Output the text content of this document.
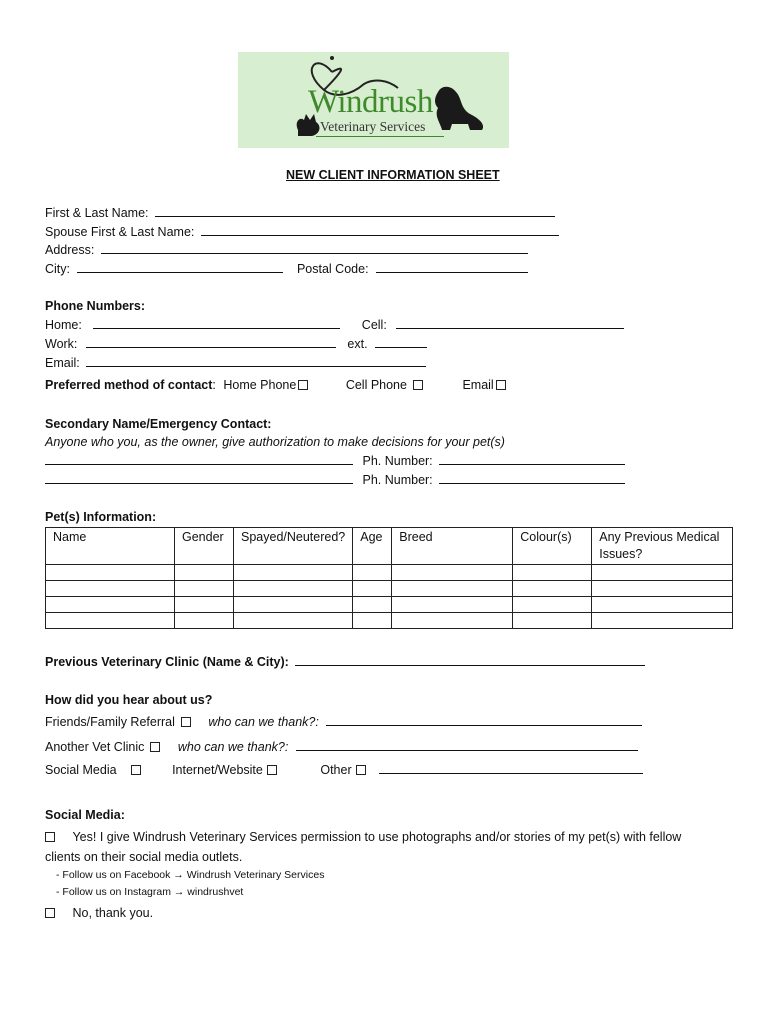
Windrush
Veterinary Services
NEW CLIENT INFORMATION SHEET
First & Last Name:
Spouse First & Last Name:
Address:
City:	Postal Code:
Phone Numbers:
Home:	Cell:
Work:	ext.
Email:
Preferred method of contact: Home Phone	Cell Phone	Email
Secondary Name/Emergency Contact:
Anyone who you, as the owner, give authorization to make decisions for your pet(s)
Ph. Number:
Ph. Number:
Pet(s) Information:
Name	Gender	Spayed/Neutered?	Age	Breed	Colour(s)	Any Previous Medical Issues?

Previous Veterinary Clinic (Name & City):
How did you hear about us?
Friends/Family Referral	who can we thank?:
Another Vet Clinic	who can we thank?:
Social Media	Internet/Website	Other
Social Media:
Yes! I give Windrush Veterinary Services permission to use photographs and/or stories of my pet(s) with fellow
clients on their social media outlets.
- Follow us on Facebook → Windrush Veterinary Services
- Follow us on Instagram → windrushvet
No, thank you.
